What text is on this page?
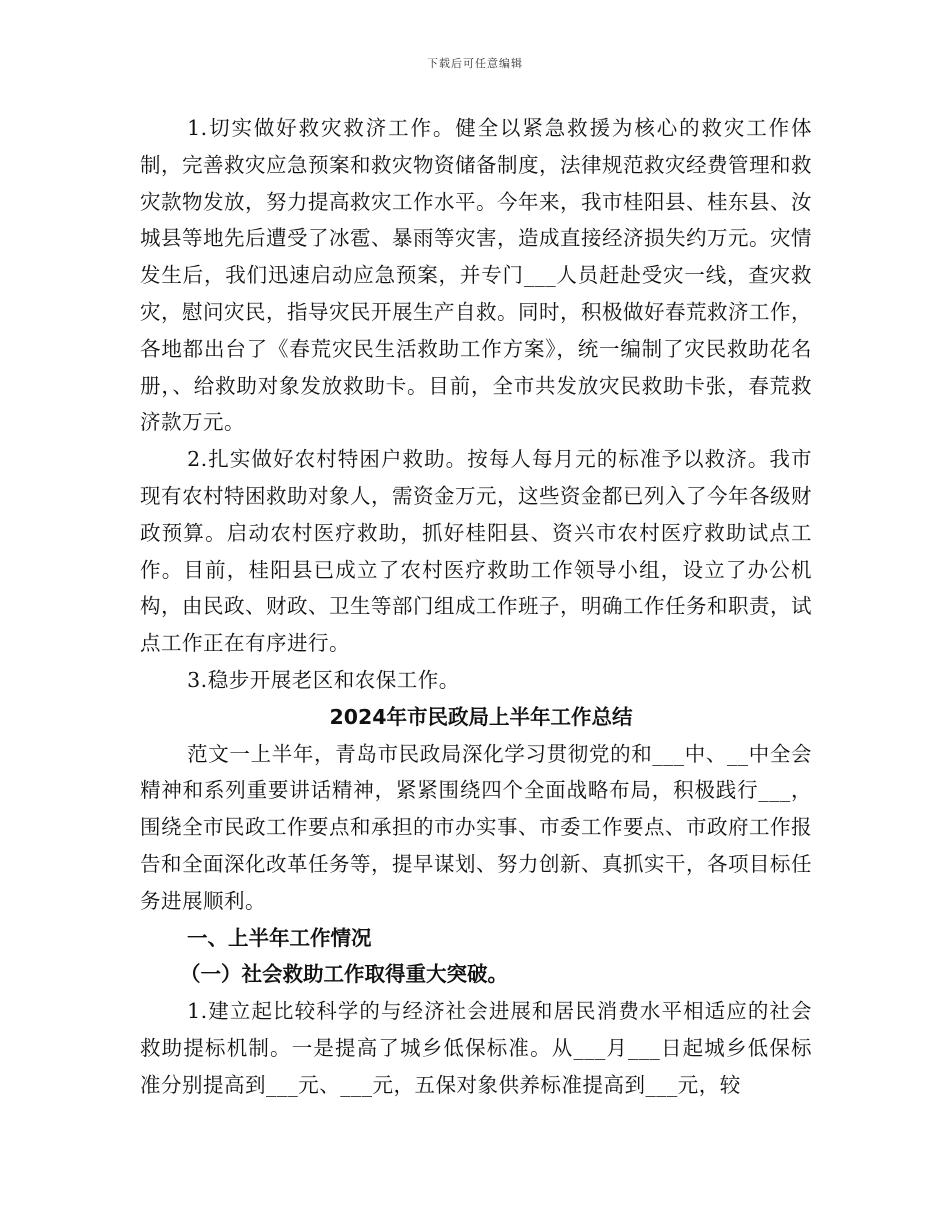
下载后可任意编辑

1.切实做好救灾救济工作。健全以紧急救援为核心的救灾工作体制，完善救灾应急预案和救灾物资储备制度，法律规范救灾经费管理和救灾款物发放，努力提高救灾工作水平。今年来，我市桂阳县、桂东县、汝城县等地先后遭受了冰雹、暴雨等灾害，造成直接经济损失约万元。灾情发生后，我们迅速启动应急预案，并专门___人员赶赴受灾一线，查灾救灾，慰问灾民，指导灾民开展生产自救。同时，积极做好春荒救济工作，各地都出台了《春荒灾民生活救助工作方案》，统一编制了灾民救助花名册，、给救助对象发放救助卡。目前，全市共发放灾民救助卡张，春荒救济款万元。

2.扎实做好农村特困户救助。按每人每月元的标准予以救济。我市现有农村特困救助对象人，需资金万元，这些资金都已列入了今年各级财政预算。启动农村医疗救助，抓好桂阳县、资兴市农村医疗救助试点工作。目前，桂阳县已成立了农村医疗救助工作领导小组，设立了办公机构，由民政、财政、卫生等部门组成工作班子，明确工作任务和职责，试点工作正在有序进行。

3.稳步开展老区和农保工作。

2024年市民政局上半年工作总结

范文一上半年，青岛市民政局深化学习贯彻党的和___中、__中全会精神和系列重要讲话精神，紧紧围绕四个全面战略布局，积极践行___，围绕全市民政工作要点和承担的市办实事、市委工作要点、市政府工作报告和全面深化改革任务等，提早谋划、努力创新、真抓实干，各项目标任务进展顺利。

一、上半年工作情况

（一）社会救助工作取得重大突破。

1.建立起比较科学的与经济社会进展和居民消费水平相适应的社会救助提标机制。一是提高了城乡低保标准。从___月___日起城乡低保标准分别提高到___元、___元，五保对象供养标准提高到___元，较
